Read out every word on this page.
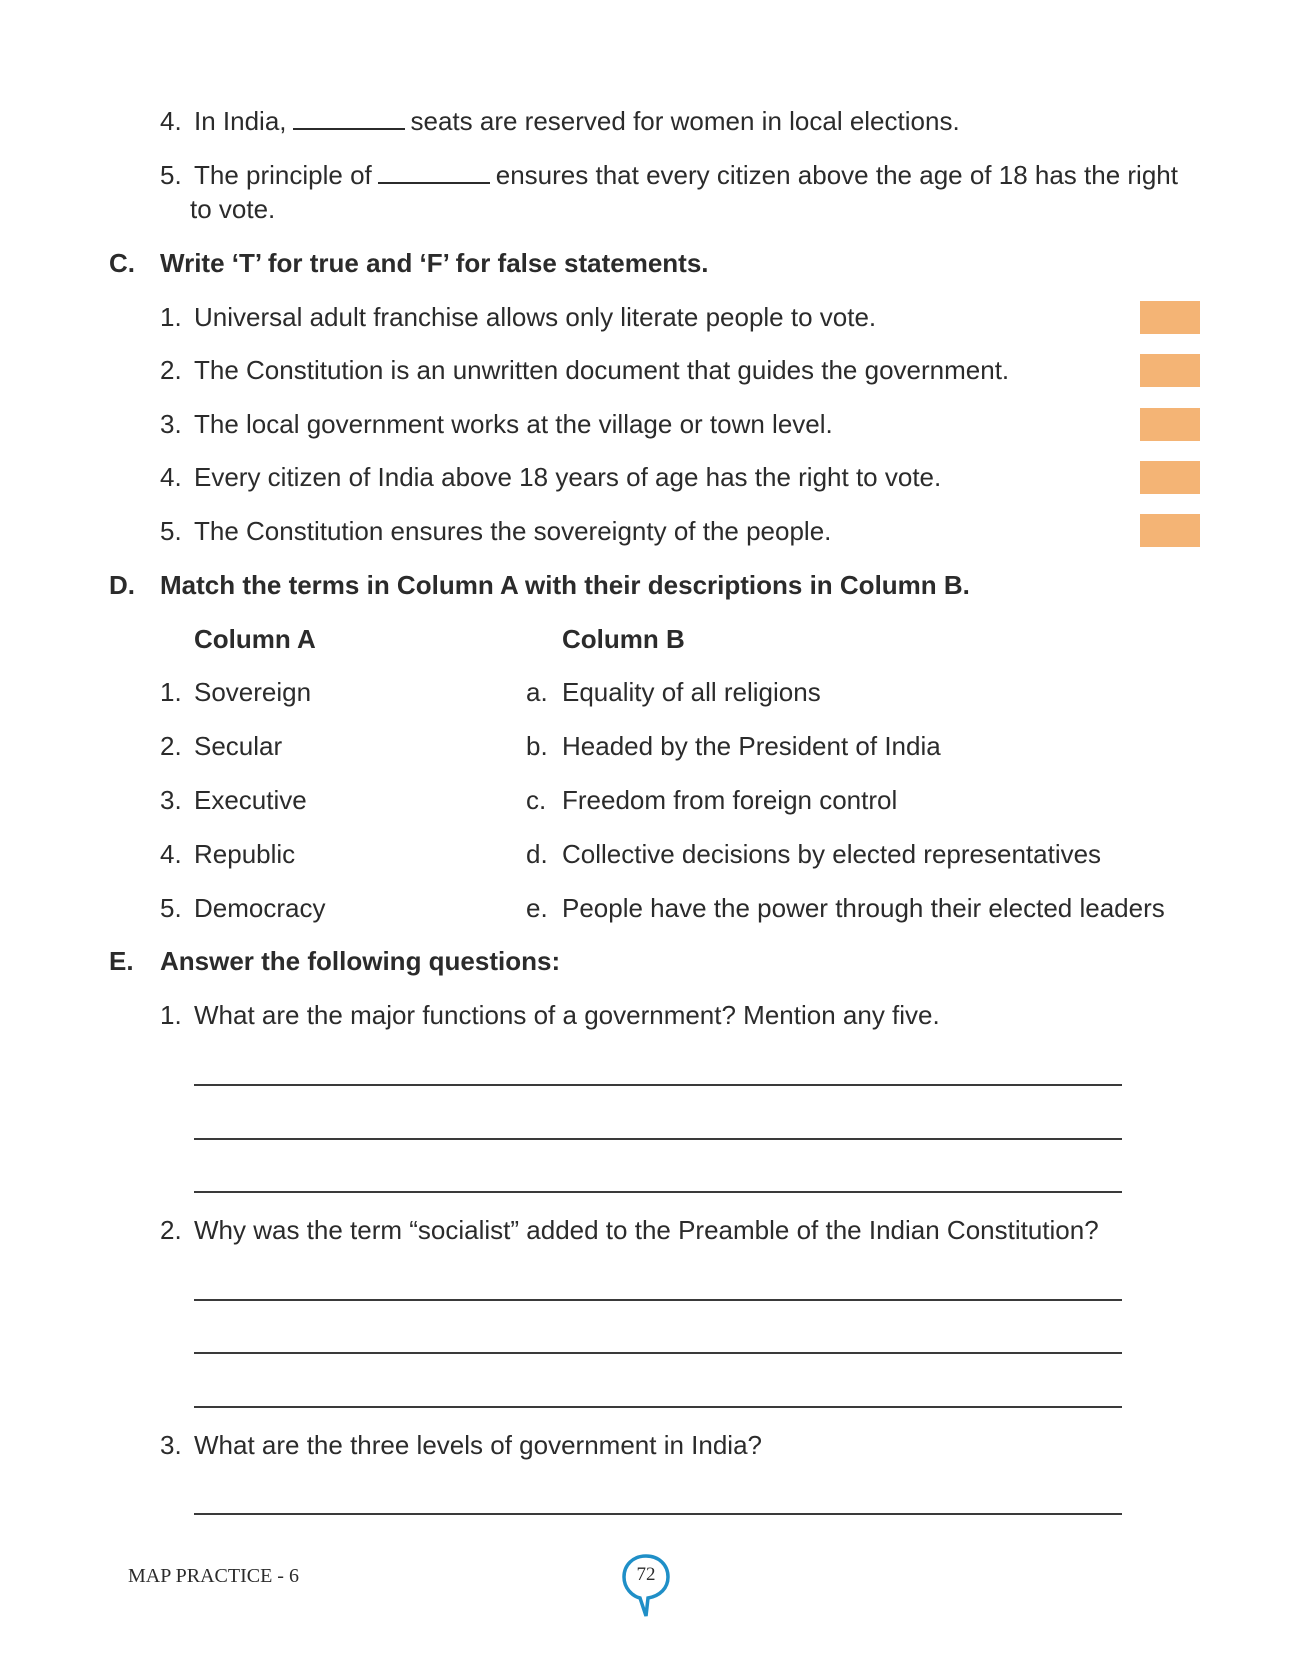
4. In India,	seats are reserved for women in local elections.
5. The principle of	ensures that every citizen above the age of 18 has the right
to vote.
C. Write ‘T’ for true and ‘F’ for false statements.
1. Universal adult franchise allows only literate people to vote.
2. The Constitution is an unwritten document that guides the government.
3. The local government works at the village or town level.
4. Every citizen of India above 18 years of age has the right to vote.
5. The Constitution ensures the sovereignty of the people.
D. Match the terms in Column A with their descriptions in Column B.
Column A	Column B
1. Sovereign	a. Equality of all religions
2. Secular	b. Headed by the President of India
3. Executive	c. Freedom from foreign control
4. Republic	d. Collective decisions by elected representatives
5. Democracy	e. People have the power through their elected leaders
E. Answer the following questions:
1. What are the major functions of a government? Mention any five.
2. Why was the term “socialist” added to the Preamble of the Indian Constitution?
3. What are the three levels of government in India?
MAP PRACTICE - 6	72
